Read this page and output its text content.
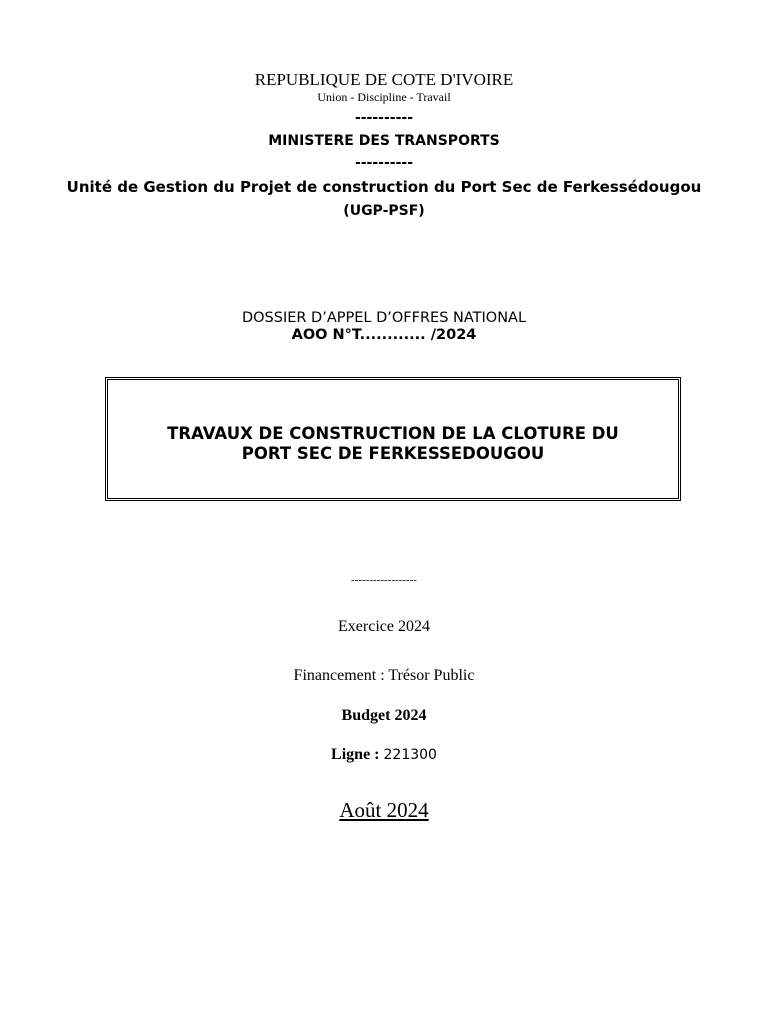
REPUBLIQUE DE COTE D'IVOIRE
Union - Discipline - Travail
----------
MINISTERE DES TRANSPORTS
----------
Unité de Gestion du Projet de construction du Port Sec de Ferkessédougou
(UGP-PSF)
DOSSIER D’APPEL D’OFFRES NATIONAL
AOO N°T............ /2024
TRAVAUX DE CONSTRUCTION DE LA CLOTURE DU
PORT SEC DE FERKESSEDOUGOU
------------------
Exercice 2024
Financement : Trésor Public
Budget 2024
Ligne : 221300
Août 2024
